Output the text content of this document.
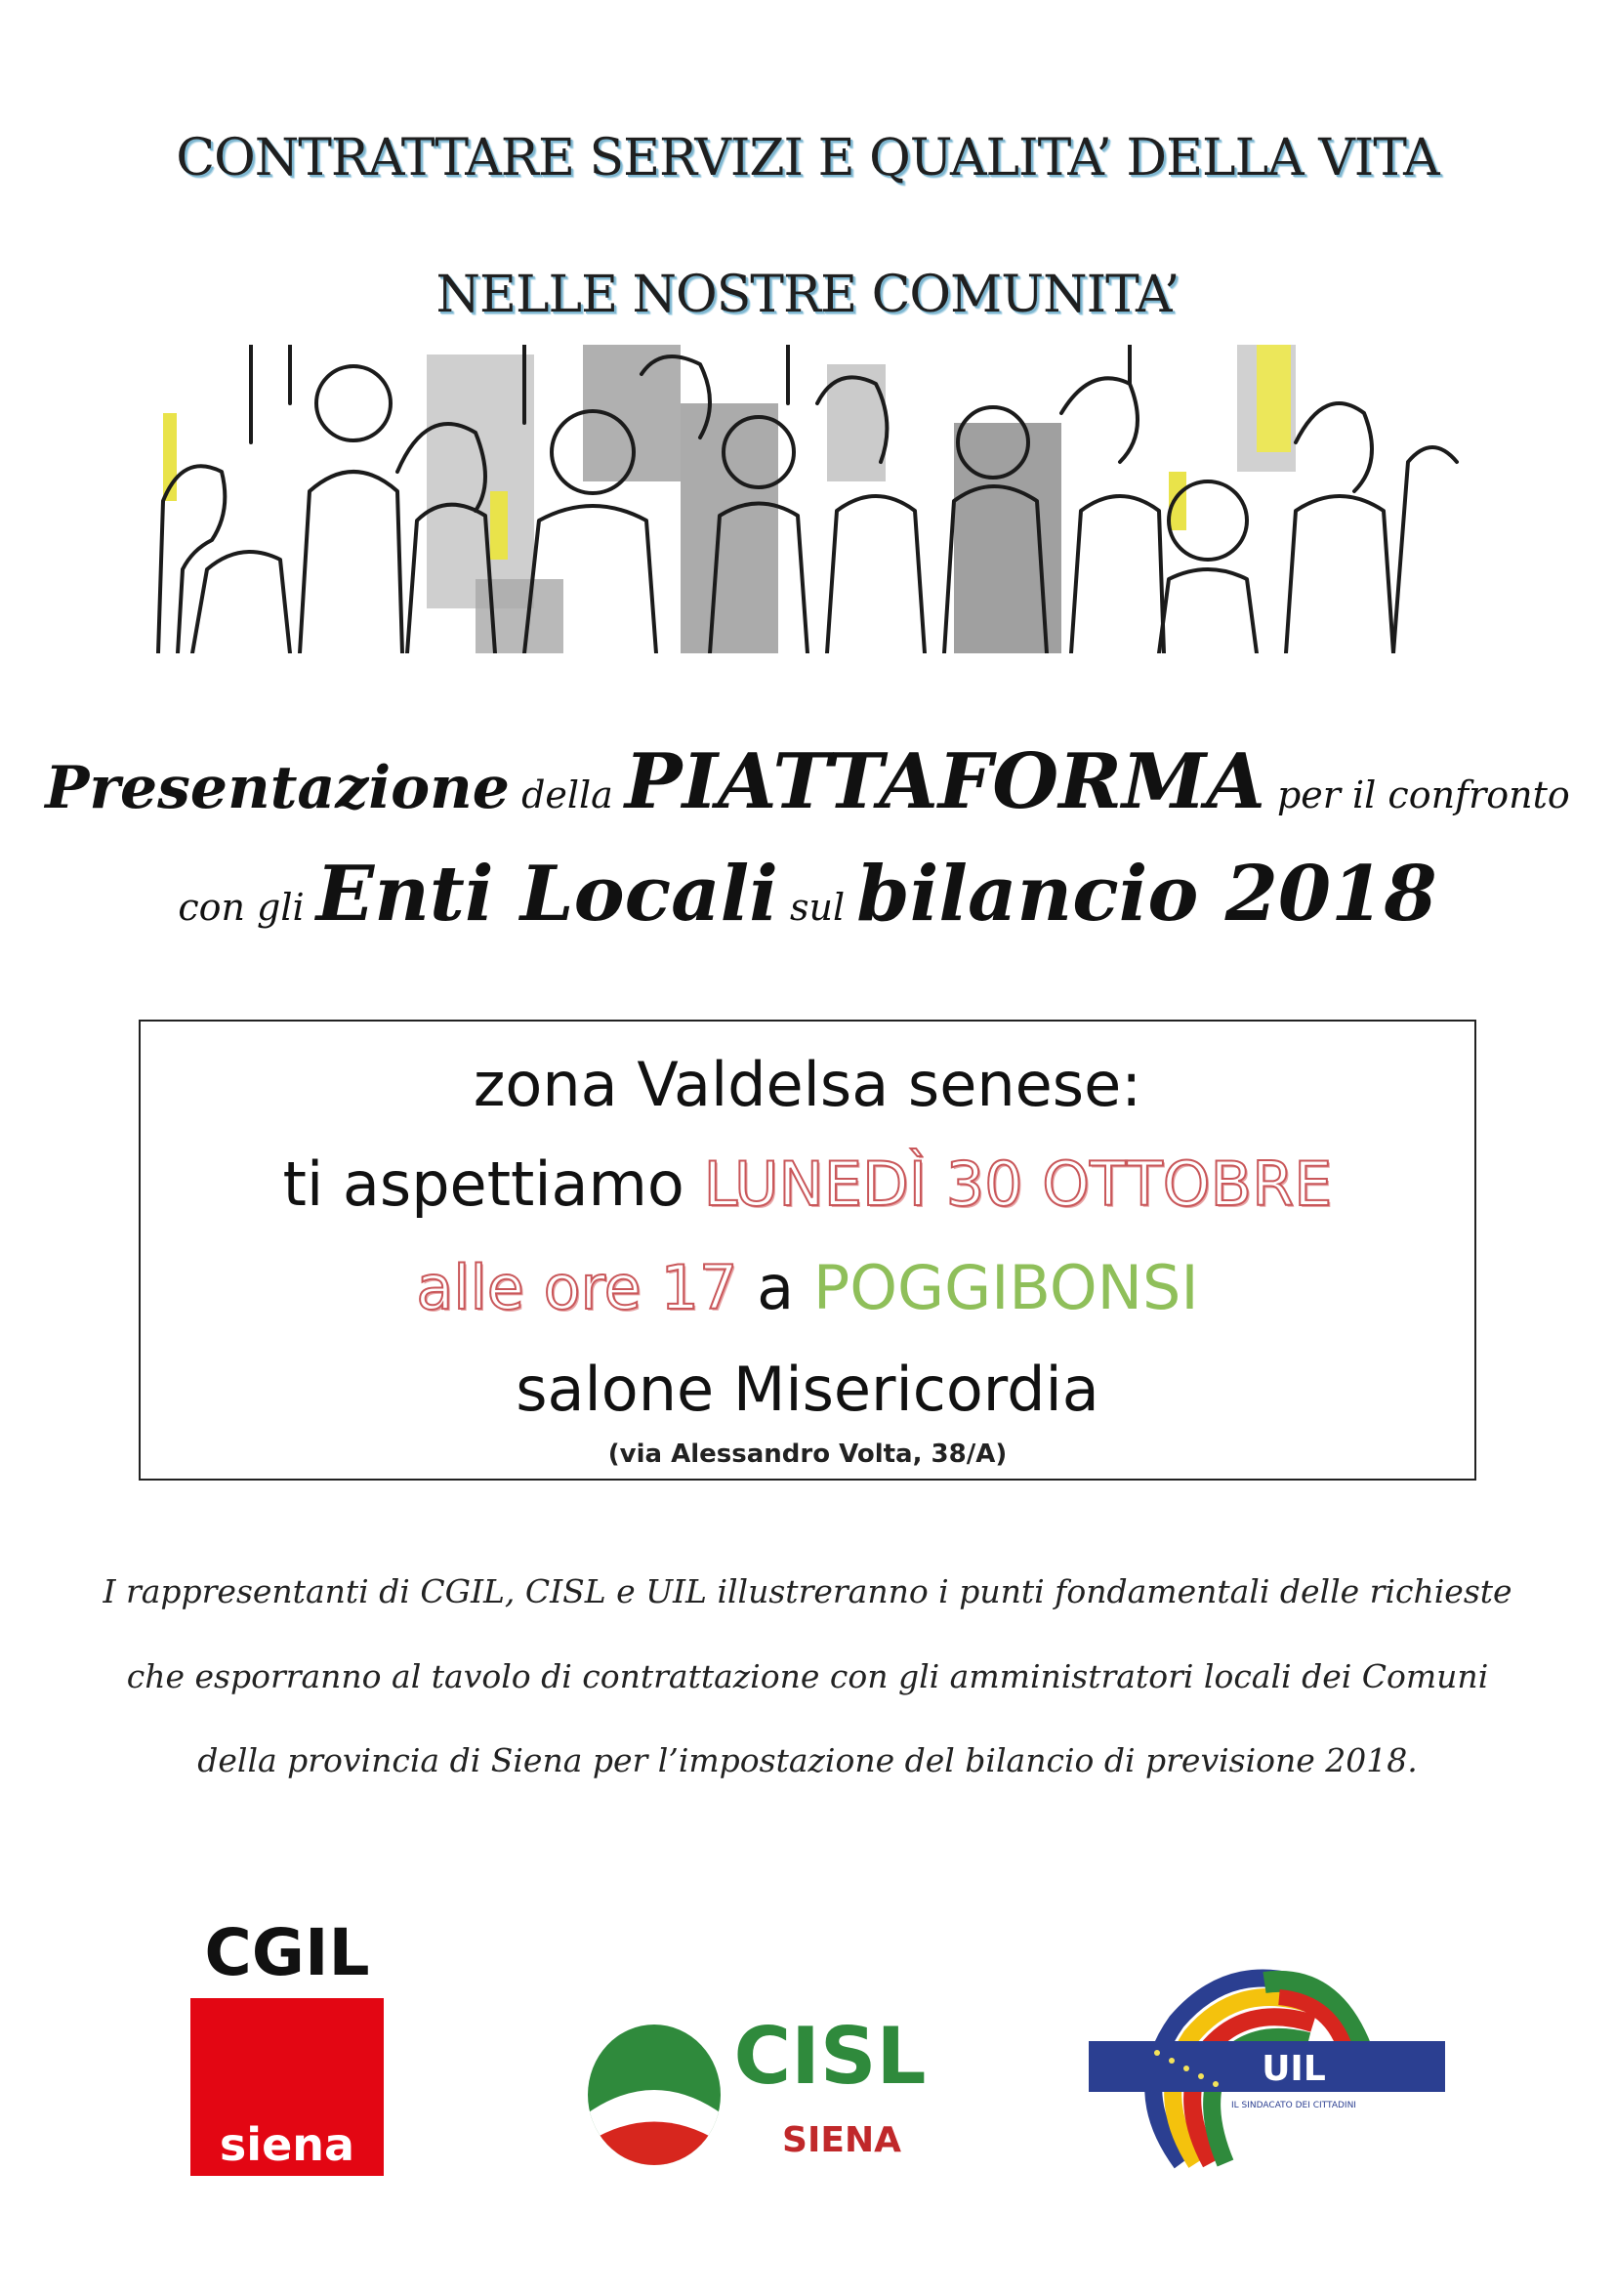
CONTRATTARE SERVIZI E QUALITA’ DELLA VITA
NELLE NOSTRE COMUNITA’
Presentazione della PIATTAFORMA per il confronto
con gli Enti Locali sul bilancio 2018
zona Valdelsa senese:
ti aspettiamo LUNEDÌ 30 OTTOBRE
alle ore 17 a POGGIBONSI
salone Misericordia
(via Alessandro Volta, 38/A)
I rappresentanti di CGIL, CISL e UIL illustreranno i punti fondamentali delle richieste
che esporranno al tavolo di contrattazione con gli amministratori locali dei Comuni
della provincia di Siena per l’impostazione del bilancio di previsione 2018.
CGIL
siena
CISL
SIENA
UIL
IL SINDACATO DEI CITTADINI
